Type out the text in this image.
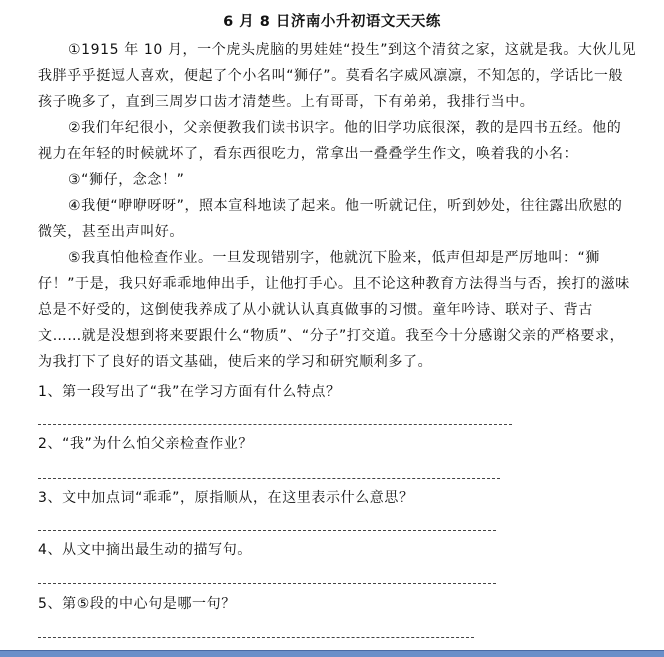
6 月 8 日济南小升初语文天天练
①1915 年 10 月，一个虎头虎脑的男娃娃“投生”到这个清贫之家，这就是我。大伙儿见
我胖乎乎挺逗人喜欢，便起了个小名叫“狮仔”。莫看名字威风凛凛，不知怎的，学话比一般
孩子晚多了，直到三周岁口齿才清楚些。上有哥哥，下有弟弟，我排行当中。
②我们年纪很小，父亲便教我们读书识字。他的旧学功底很深，教的是四书五经。他的
视力在年轻的时候就坏了，看东西很吃力，常拿出一叠叠学生作文，唤着我的小名：
③“狮仔，念念！”
④我便“咿咿呀呀”，照本宣科地读了起来。他一听就记住，听到妙处，往往露出欣慰的
微笑，甚至出声叫好。
⑤我真怕他检查作业。一旦发现错别字，他就沉下脸来，低声但却是严厉地叫：“狮
仔！”于是，我只好乖乖地伸出手，让他打手心。且不论这种教育方法得当与否，挨打的滋味
总是不好受的，这倒使我养成了从小就认认真真做事的习惯。童年吟诗、联对子、背古
文……就是没想到将来要跟什么“物质”、“分子”打交道。我至今十分感谢父亲的严格要求，
为我打下了良好的语文基础，使后来的学习和研究顺利多了。
1、第一段写出了“我”在学习方面有什么特点？
2、“我”为什么怕父亲检查作业？
3、文中加点词“乖乖”，原指顺从，在这里表示什么意思？
4、从文中摘出最生动的描写句。
5、第⑤段的中心句是哪一句？
